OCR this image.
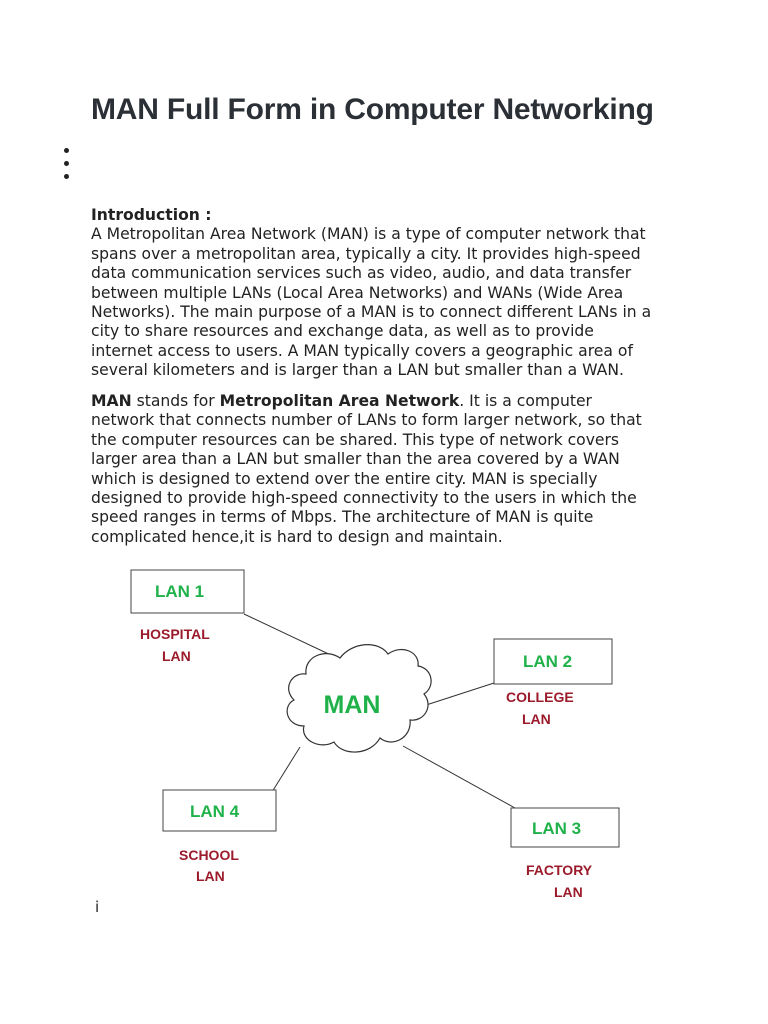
MAN Full Form in Computer Networking

Introduction :

A Metropolitan Area Network (MAN) is a type of computer network that

spans over a metropolitan area, typically a city. It provides high-speed

data communication services such as video, audio, and data transfer

between multiple LANs (Local Area Networks) and WANs (Wide Area

Networks). The main purpose of a MAN is to connect different LANs in a

city to share resources and exchange data, as well as to provide

internet access to users. A MAN typically covers a geographic area of

several kilometers and is larger than a LAN but smaller than a WAN.

MAN stands for Metropolitan Area Network. It is a computer

network that connects number of LANs to form larger network, so that

the computer resources can be shared. This type of network covers

larger area than a LAN but smaller than the area covered by a WAN

which is designed to extend over the entire city. MAN is specially

designed to provide high-speed connectivity to the users in which the

speed ranges in terms of Mbps. The architecture of MAN is quite

complicated hence,it is hard to design and maintain.

MAN
LAN 1
HOSPITAL
LAN	LAN 2
COLLEGE
LAN
LAN 3
FACTORY
LAN
LAN 4
SCHOOL
LAN
i
